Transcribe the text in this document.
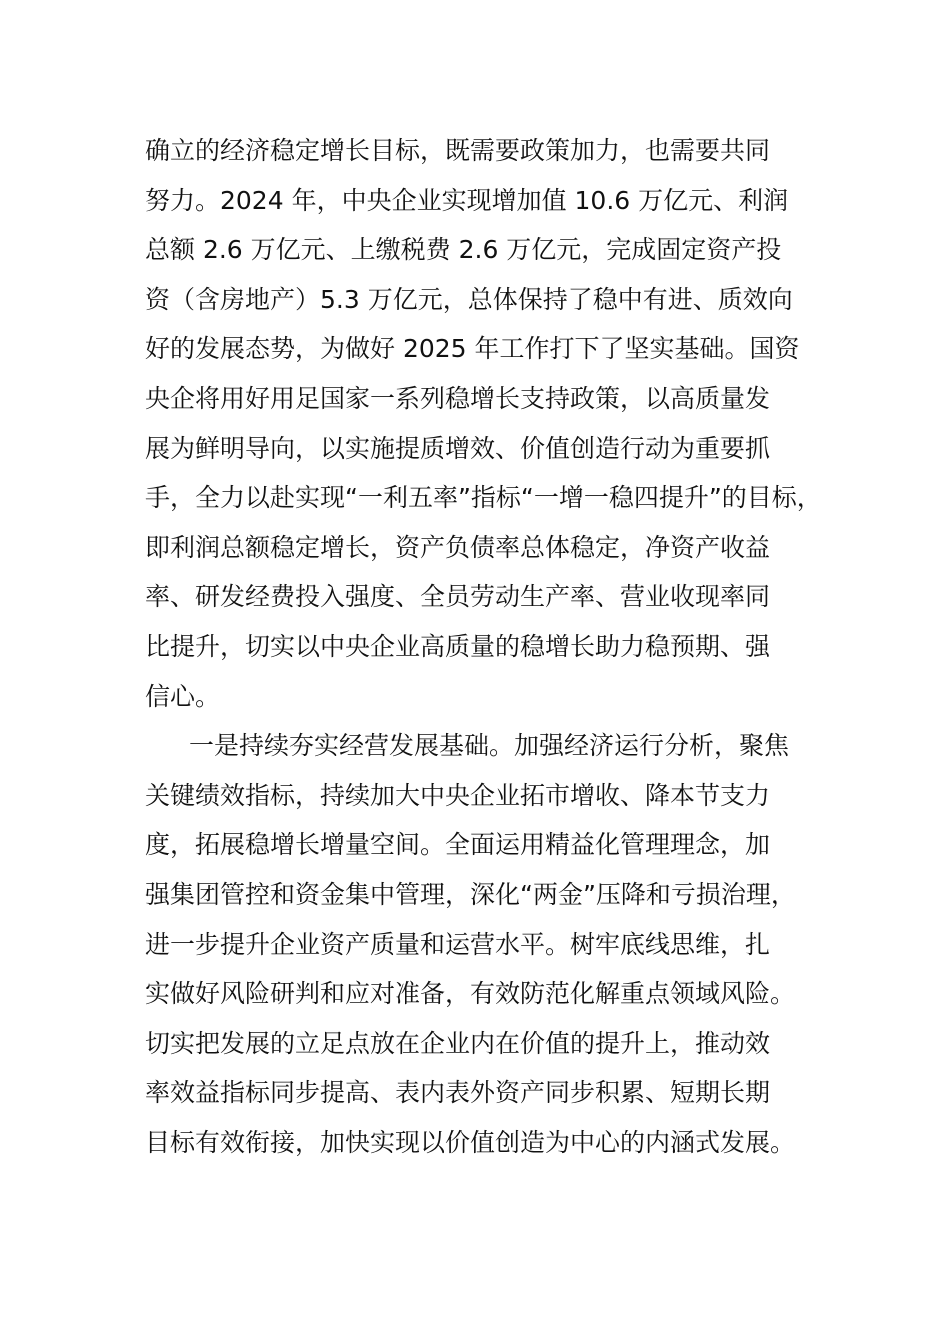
确立的经济稳定增长目标，既需要政策加力，也需要共同
努力。2024 年，中央企业实现增加值 10.6 万亿元、利润
总额 2.6 万亿元、上缴税费 2.6 万亿元，完成固定资产投
资（含房地产）5.3 万亿元，总体保持了稳中有进、质效向
好的发展态势，为做好 2025 年工作打下了坚实基础。国资
央企将用好用足国家一系列稳增长支持政策，以高质量发
展为鲜明导向，以实施提质增效、价值创造行动为重要抓
手，全力以赴实现“一利五率”指标“一增一稳四提升”的目标，
即利润总额稳定增长，资产负债率总体稳定，净资产收益
率、研发经费投入强度、全员劳动生产率、营业收现率同
比提升，切实以中央企业高质量的稳增长助力稳预期、强
信心。
一是持续夯实经营发展基础。加强经济运行分析，聚焦
关键绩效指标，持续加大中央企业拓市增收、降本节支力
度，拓展稳增长增量空间。全面运用精益化管理理念，加
强集团管控和资金集中管理，深化“两金”压降和亏损治理，
进一步提升企业资产质量和运营水平。树牢底线思维，扎
实做好风险研判和应对准备，有效防范化解重点领域风险。
切实把发展的立足点放在企业内在价值的提升上，推动效
率效益指标同步提高、表内表外资产同步积累、短期长期
目标有效衔接，加快实现以价值创造为中心的内涵式发展。
